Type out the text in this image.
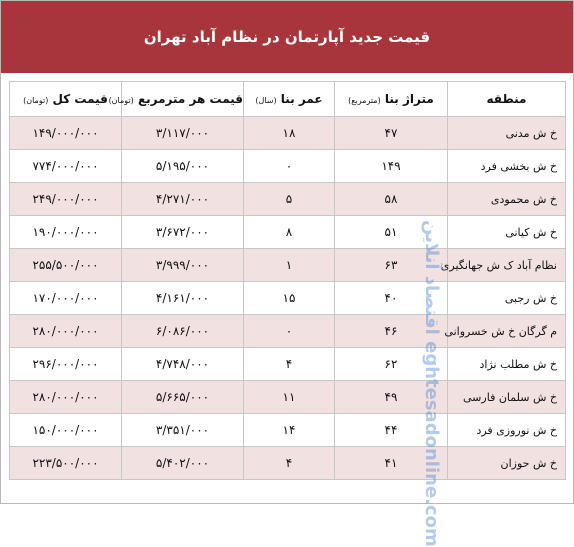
قیمت جدید آپارتمان در نظام آباد تهران
منطقه	متراژ بنا (مترمربع)	عمر بنا (سال)	قیمت هر مترمربع (تومان)	قیمت کل (تومان)
خ ش مدنی	۴۷	۱۸	۳/۱۱۷/۰۰۰	۱۴۹/۰۰۰/۰۰۰
خ ش بخشی فرد	۱۴۹	۰	۵/۱۹۵/۰۰۰	۷۷۴/۰۰۰/۰۰۰
خ ش محمودی	۵۸	۵	۴/۲۷۱/۰۰۰	۲۴۹/۰۰۰/۰۰۰
خ ش کیانی	۵۱	۸	۳/۶۷۲/۰۰۰	۱۹۰/۰۰۰/۰۰۰
نظام آباد ک ش جهانگیری	۶۳	۱	۳/۹۹۹/۰۰۰	۲۵۵/۵۰۰/۰۰۰
خ ش رجبی	۴۰	۱۵	۴/۱۶۱/۰۰۰	۱۷۰/۰۰۰/۰۰۰
م گرگان خ ش خسروانی	۴۶	۰	۶/۰۸۶/۰۰۰	۲۸۰/۰۰۰/۰۰۰
خ ش مطلب نژاد	۶۲	۴	۴/۷۴۸/۰۰۰	۲۹۶/۰۰۰/۰۰۰
خ ش سلمان فارسی	۴۹	۱۱	۵/۶۶۵/۰۰۰	۲۸۰/۰۰۰/۰۰۰
خ ش نوروزی فرد	۴۴	۱۴	۳/۳۵۱/۰۰۰	۱۵۰/۰۰۰/۰۰۰
خ ش حوزان	۴۱	۴	۵/۴۰۲/۰۰۰	۲۲۳/۵۰۰/۰۰۰
اقتصاد آنلاین eghtesadonline.com
